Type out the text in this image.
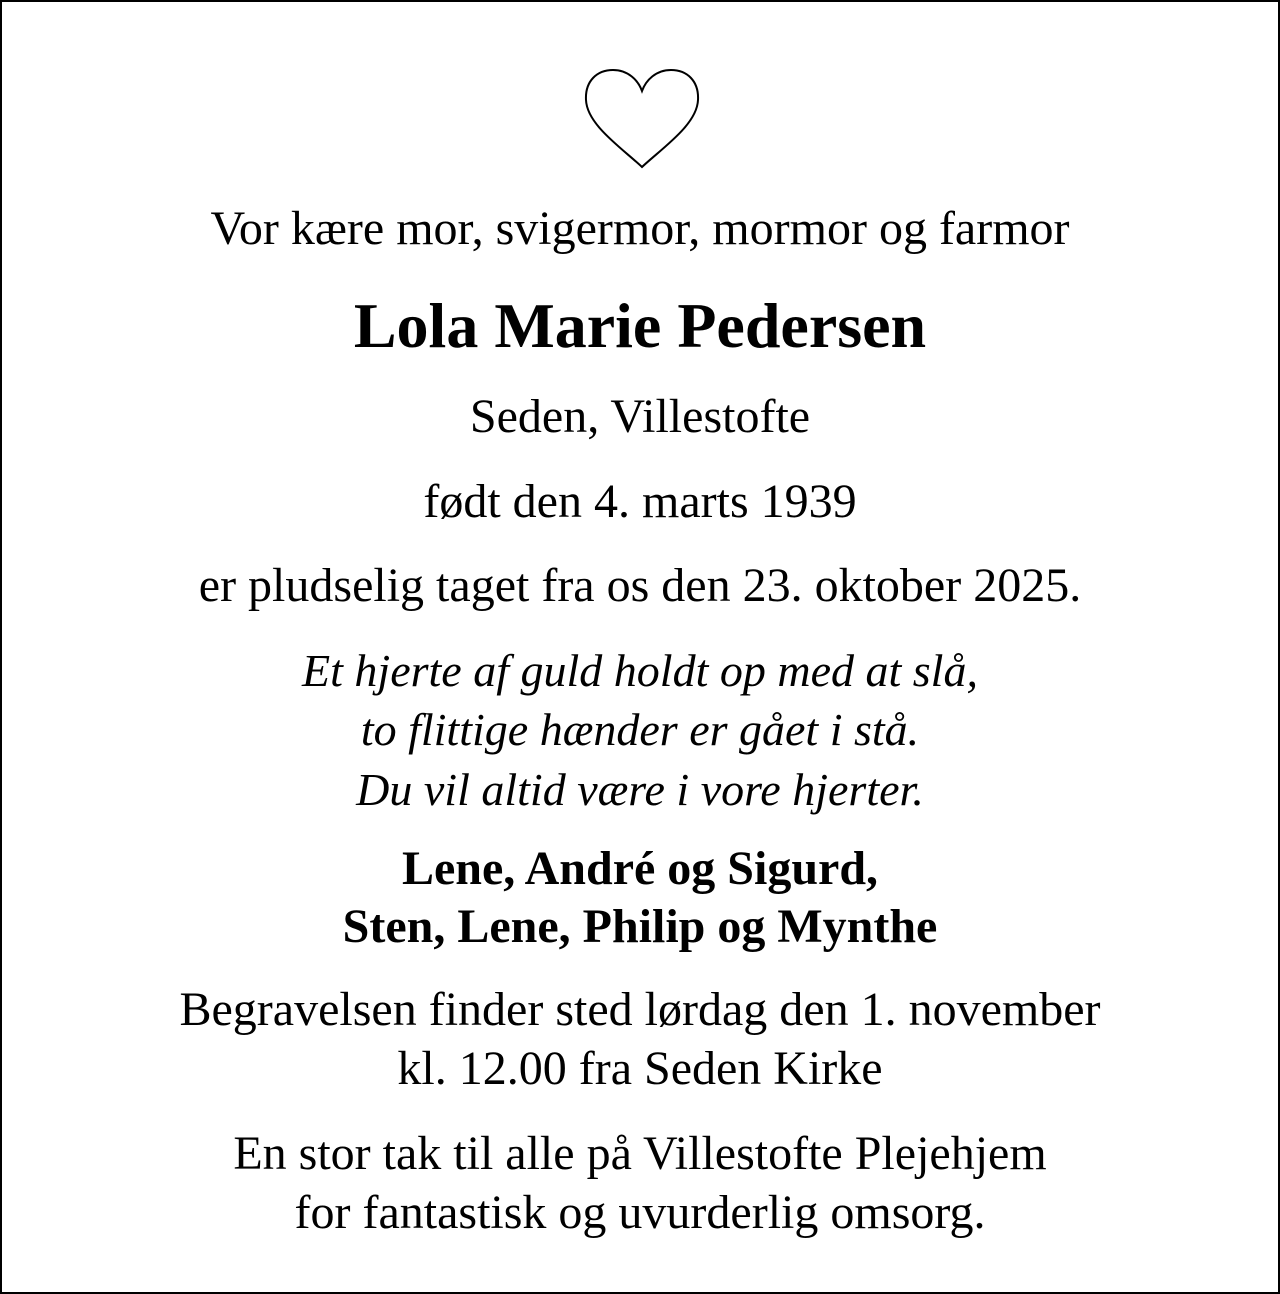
Vor kære mor, svigermor, mormor og farmor
Lola Marie Pedersen
Seden, Villestofte
født den 4. marts 1939
er pludselig taget fra os den 23. oktober 2025.
Et hjerte af guld holdt op med at slå,
to flittige hænder er gået i stå.
Du vil altid være i vore hjerter.
Lene, André og Sigurd,
Sten, Lene, Philip og Mynthe
Begravelsen finder sted lørdag den 1. november
kl. 12.00 fra Seden Kirke
En stor tak til alle på Villestofte Plejehjem
for fantastisk og uvurderlig omsorg.
